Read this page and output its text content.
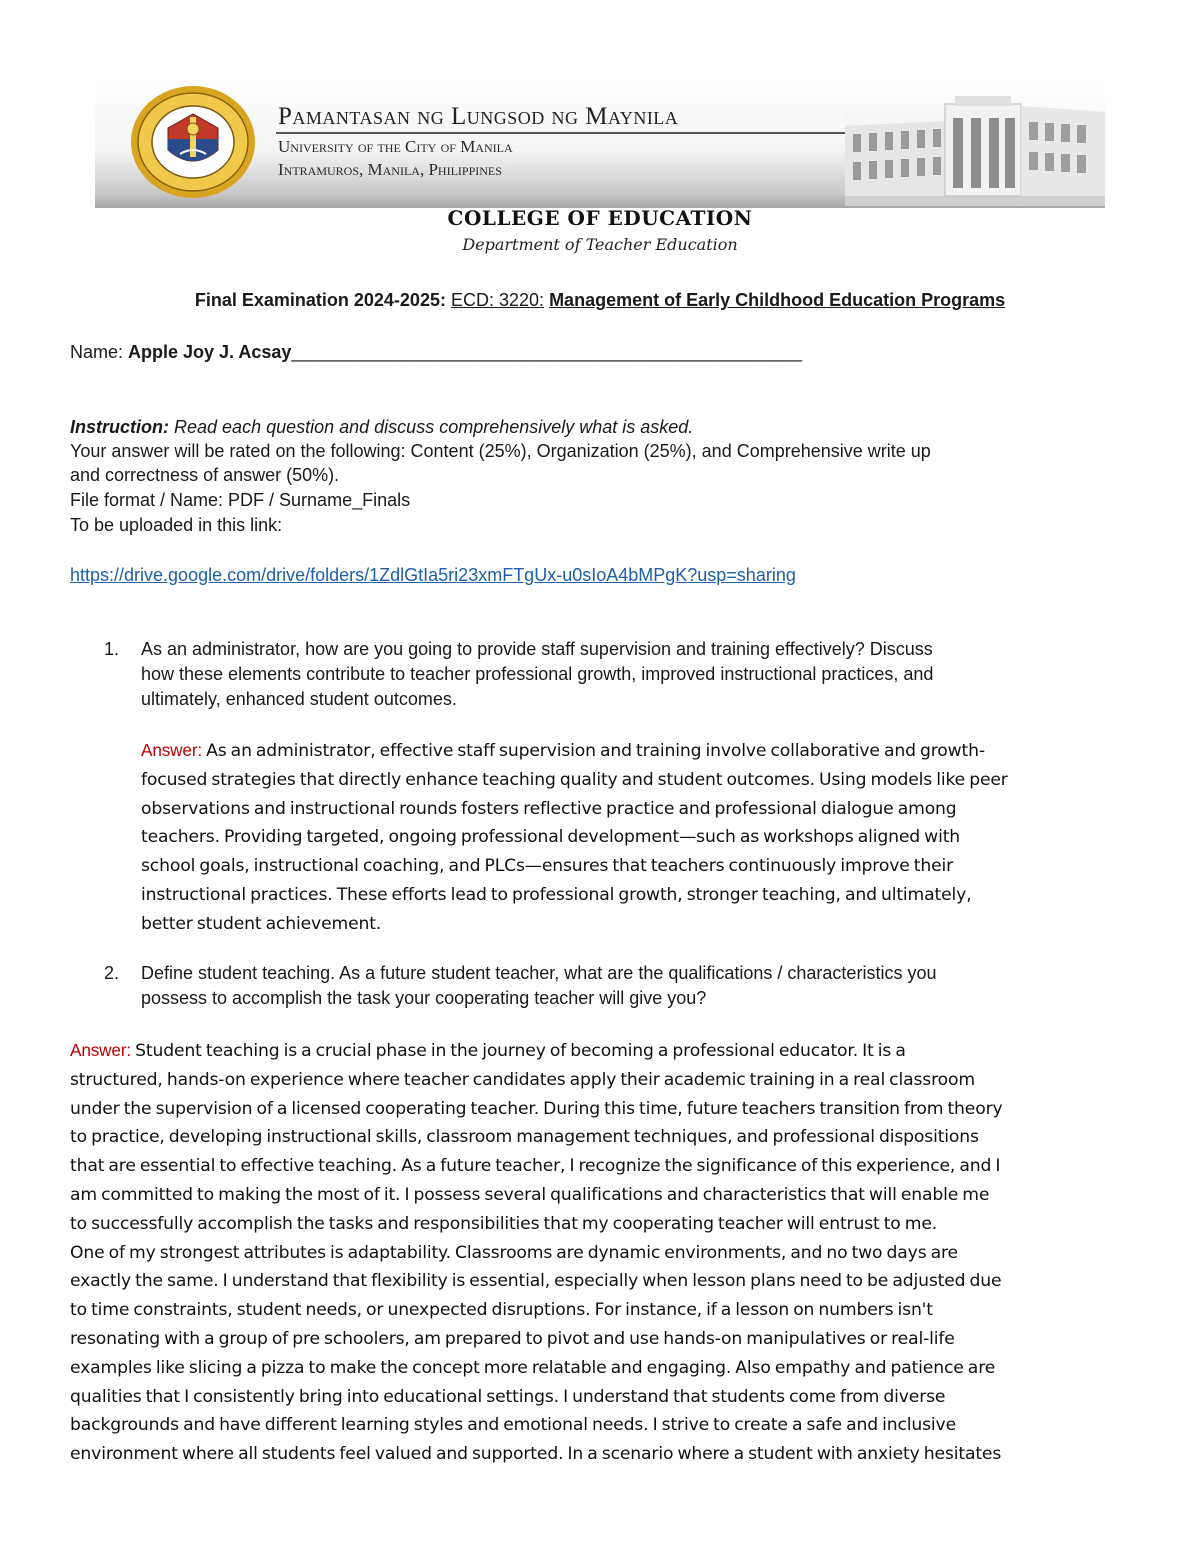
Pamantasan ng Lungsod ng Maynila
University of the City of Manila
Intramuros, Manila, Philippines
COLLEGE OF EDUCATION
Department of Teacher Education
Final Examination 2024-2025: ECD: 3220: Management of Early Childhood Education Programs
Name: Apple Joy J. Acsay___________________________________________________
Instruction: Read each question and discuss comprehensively what is asked.
Your answer will be rated on the following: Content (25%), Organization (25%), and Comprehensive write up
and correctness of answer (50%).
File format / Name: PDF / Surname_Finals
To be uploaded in this link:
https://drive.google.com/drive/folders/1ZdlGtIa5ri23xmFTgUx-u0sIoA4bMPgK?usp=sharing
1. As an administrator, how are you going to provide staff supervision and training effectively? Discuss
how these elements contribute to teacher professional growth, improved instructional practices, and
ultimately, enhanced student outcomes.
Answer: As an administrator, effective staff supervision and training involve collaborative and growth-
focused strategies that directly enhance teaching quality and student outcomes. Using models like peer
observations and instructional rounds fosters reflective practice and professional dialogue among
teachers. Providing targeted, ongoing professional development—such as workshops aligned with
school goals, instructional coaching, and PLCs—ensures that teachers continuously improve their
instructional practices. These efforts lead to professional growth, stronger teaching, and ultimately,
better student achievement.
2. Define student teaching. As a future student teacher, what are the qualifications / characteristics you
possess to accomplish the task your cooperating teacher will give you?
Answer: Student teaching is a crucial phase in the journey of becoming a professional educator. It is a
structured, hands-on experience where teacher candidates apply their academic training in a real classroom
under the supervision of a licensed cooperating teacher. During this time, future teachers transition from theory
to practice, developing instructional skills, classroom management techniques, and professional dispositions
that are essential to effective teaching. As a future teacher, I recognize the significance of this experience, and I
am committed to making the most of it. I possess several qualifications and characteristics that will enable me
to successfully accomplish the tasks and responsibilities that my cooperating teacher will entrust to me.
One of my strongest attributes is adaptability. Classrooms are dynamic environments, and no two days are
exactly the same. I understand that flexibility is essential, especially when lesson plans need to be adjusted due
to time constraints, student needs, or unexpected disruptions. For instance, if a lesson on numbers isn't
resonating with a group of pre schoolers, am prepared to pivot and use hands-on manipulatives or real-life
examples like slicing a pizza to make the concept more relatable and engaging. Also empathy and patience are
qualities that I consistently bring into educational settings. I understand that students come from diverse
backgrounds and have different learning styles and emotional needs. I strive to create a safe and inclusive
environment where all students feel valued and supported. In a scenario where a student with anxiety hesitates
